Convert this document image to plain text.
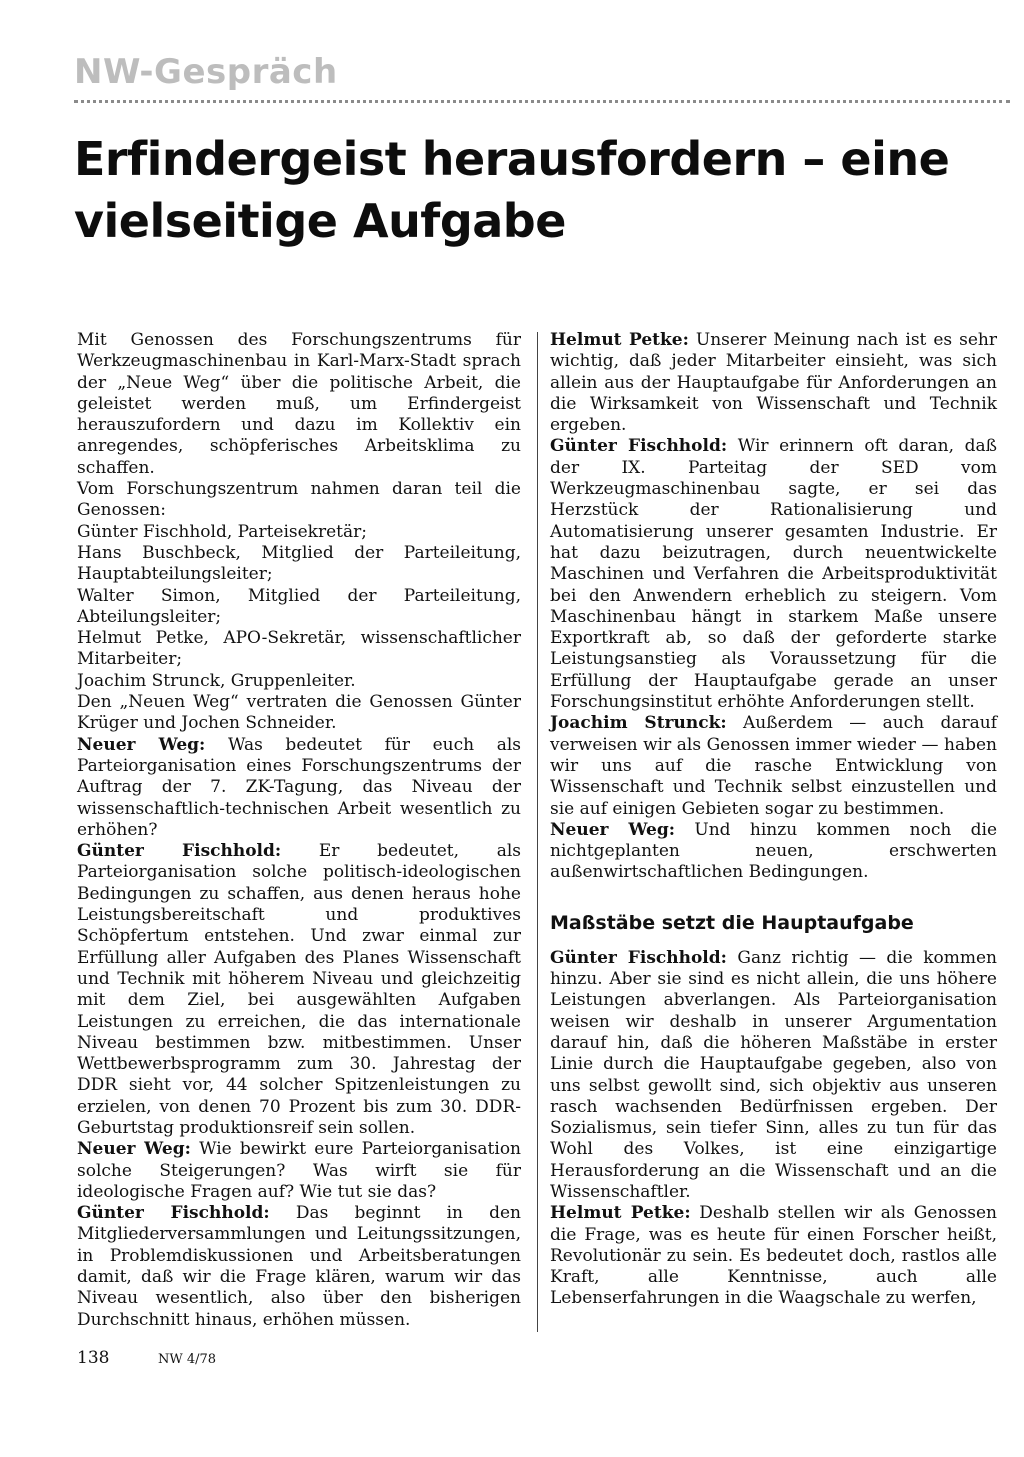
NW-Gespräch
Erfindergeist herausfordern – eine vielseitige Aufgabe

Mit Genossen des Forschungszentrums für Werkzeugmaschinenbau in Karl-Marx-Stadt sprach der „Neue Weg“ über die politische Arbeit, die geleistet werden muß, um Erfindergeist herauszufordern und dazu im Kollektiv ein anregendes, schöpferisches Arbeitsklima zu schaffen.

Vom Forschungszentrum nahmen daran teil die Genossen:

Günter Fischhold, Parteisekretär;

Hans Buschbeck, Mitglied der Parteileitung, Hauptabteilungsleiter;

Walter Simon, Mitglied der Parteileitung, Abteilungsleiter;

Helmut Petke, APO-Sekretär, wissenschaftlicher Mitarbeiter;

Joachim Strunck, Gruppenleiter.

Den „Neuen Weg“ vertraten die Genossen Günter Krüger und Jochen Schneider.

Neuer Weg: Was bedeutet für euch als Parteiorganisation eines Forschungszentrums der Auftrag der 7. ZK-Tagung, das Niveau der wissenschaftlich-technischen Arbeit wesentlich zu erhöhen?

Günter Fischhold: Er bedeutet, als Parteiorganisation solche politisch-ideologischen Bedingungen zu schaffen, aus denen heraus hohe Leistungsbereitschaft und produktives Schöpfertum entstehen. Und zwar einmal zur Erfüllung aller Aufgaben des Planes Wissenschaft und Technik mit höherem Niveau und gleichzeitig mit dem Ziel, bei ausgewählten Aufgaben Leistungen zu erreichen, die das internationale Niveau bestimmen bzw. mitbestimmen. Unser Wettbewerbsprogramm zum 30. Jahrestag der DDR sieht vor, 44 solcher Spitzenleistungen zu erzielen, von denen 70 Prozent bis zum 30. DDR-Geburtstag produktionsreif sein sollen.

Neuer Weg: Wie bewirkt eure Parteiorganisation solche Steigerungen? Was wirft sie für ideologische Fragen auf? Wie tut sie das?

Günter Fischhold: Das beginnt in den Mitgliederversammlungen und Leitungssitzungen, in Problemdiskussionen und Arbeitsberatungen damit, daß wir die Frage klären, warum wir das Niveau wesentlich, also über den bisherigen Durchschnitt hinaus, erhöhen müssen.

Helmut Petke: Unserer Meinung nach ist es sehr wichtig, daß jeder Mitarbeiter einsieht, was sich allein aus der Hauptaufgabe für Anforderungen an die Wirksamkeit von Wissenschaft und Technik ergeben.

Günter Fischhold: Wir erinnern oft daran, daß der IX. Parteitag der SED vom Werkzeugmaschinenbau sagte, er sei das Herzstück der Rationalisierung und Automatisierung unserer gesamten Industrie. Er hat dazu beizutragen, durch neuentwickelte Maschinen und Verfahren die Arbeitsproduktivität bei den Anwendern erheblich zu steigern. Vom Maschinenbau hängt in starkem Maße unsere Exportkraft ab, so daß der geforderte starke Leistungsanstieg als Voraussetzung für die Erfüllung der Hauptaufgabe gerade an unser Forschungsinstitut erhöhte Anforderungen stellt.

Joachim Strunck: Außerdem — auch darauf verweisen wir als Genossen immer wieder — haben wir uns auf die rasche Entwicklung von Wissenschaft und Technik selbst einzustellen und sie auf einigen Gebieten sogar zu bestimmen.

Neuer Weg: Und hinzu kommen noch die nichtgeplanten neuen, erschwerten außenwirtschaftlichen Bedingungen.

Maßstäbe setzt die Hauptaufgabe

Günter Fischhold: Ganz richtig — die kommen hinzu. Aber sie sind es nicht allein, die uns höhere Leistungen abverlangen. Als Parteiorganisation weisen wir deshalb in unserer Argumentation darauf hin, daß die höheren Maßstäbe in erster Linie durch die Hauptaufgabe gegeben, also von uns selbst gewollt sind, sich objektiv aus unseren rasch wachsenden Bedürfnissen ergeben. Der Sozialismus, sein tiefer Sinn, alles zu tun für das Wohl des Volkes, ist eine einzigartige Herausforderung an die Wissenschaft und an die Wissenschaftler.

Helmut Petke: Deshalb stellen wir als Genossen die Frage, was es heute für einen Forscher heißt, Revolutionär zu sein. Es bedeutet doch, rastlos alle Kraft, alle Kenntnisse, auch alle Lebenserfahrungen in die Waagschale zu werfen,

138	NW 4/78
